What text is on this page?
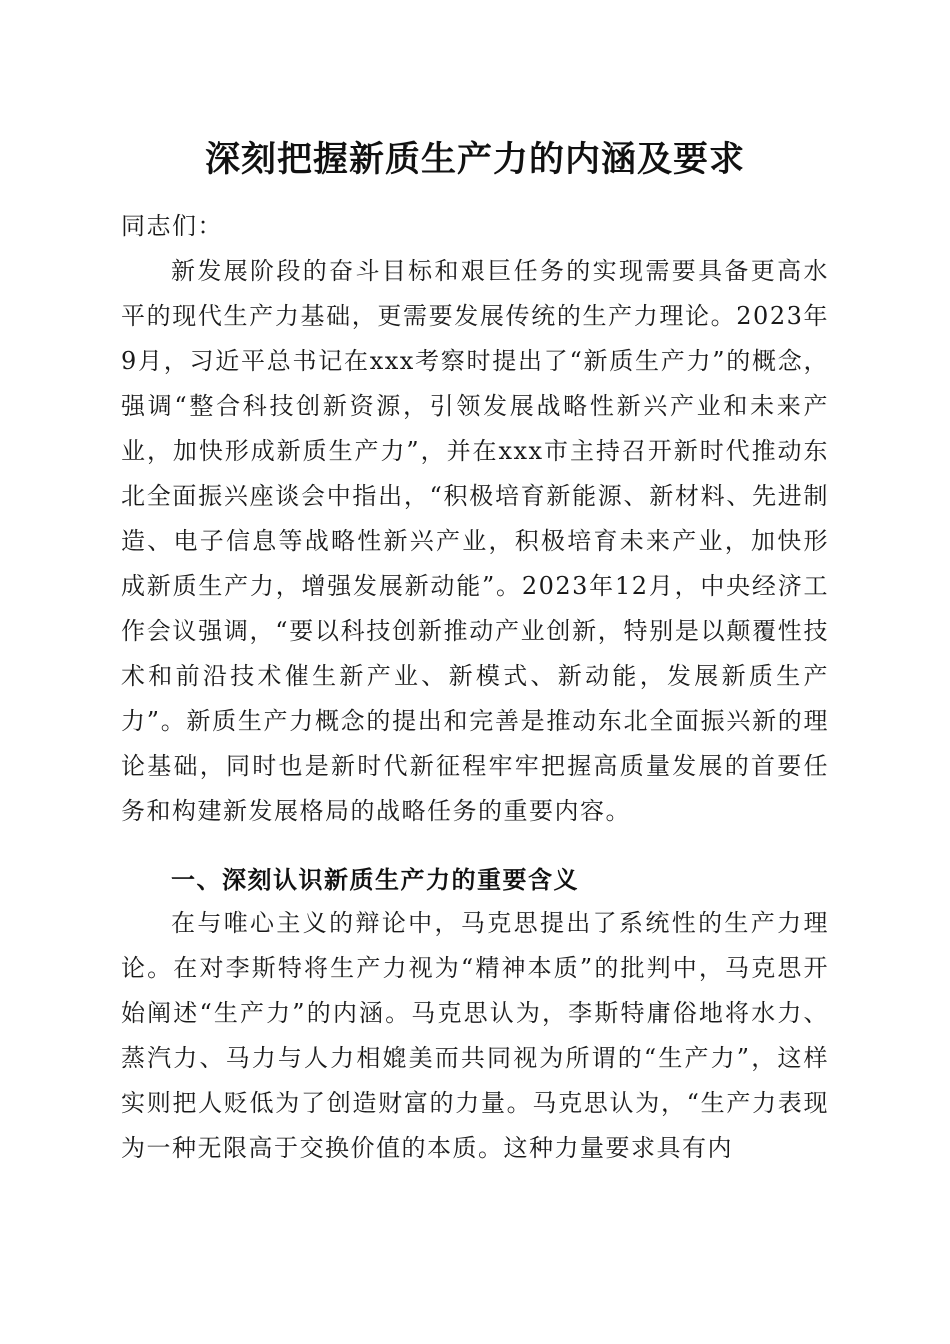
深刻把握新质生产力的内涵及要求
同志们：
新发展阶段的奋斗目标和艰巨任务的实现需要具备更高水平的现代生产力基础，更需要发展传统的生产力理论。2023年9月，习近平总书记在xxx考察时提出了“新质生产力”的概念，强调“整合科技创新资源，引领发展战略性新兴产业和未来产业，加快形成新质生产力”，并在xxx市主持召开新时代推动东北全面振兴座谈会中指出，“积极培育新能源、新材料、先进制造、电子信息等战略性新兴产业，积极培育未来产业，加快形成新质生产力，增强发展新动能”。2023年12月，中央经济工作会议强调，“要以科技创新推动产业创新，特别是以颠覆性技术和前沿技术催生新产业、新模式、新动能，发展新质生产力”。新质生产力概念的提出和完善是推动东北全面振兴新的理论基础，同时也是新时代新征程牢牢把握高质量发展的首要任务和构建新发展格局的战略任务的重要内容。
一、深刻认识新质生产力的重要含义
在与唯心主义的辩论中，马克思提出了系统性的生产力理论。在对李斯特将生产力视为“精神本质”的批判中，马克思开始阐述“生产力”的内涵。马克思认为，李斯特庸俗地将水力、蒸汽力、马力与人力相媲美而共同视为所谓的“生产力”，这样实则把人贬低为了创造财富的力量。马克思认为，“生产力表现为一种无限高于交换价值的本质。这种力量要求具有内
